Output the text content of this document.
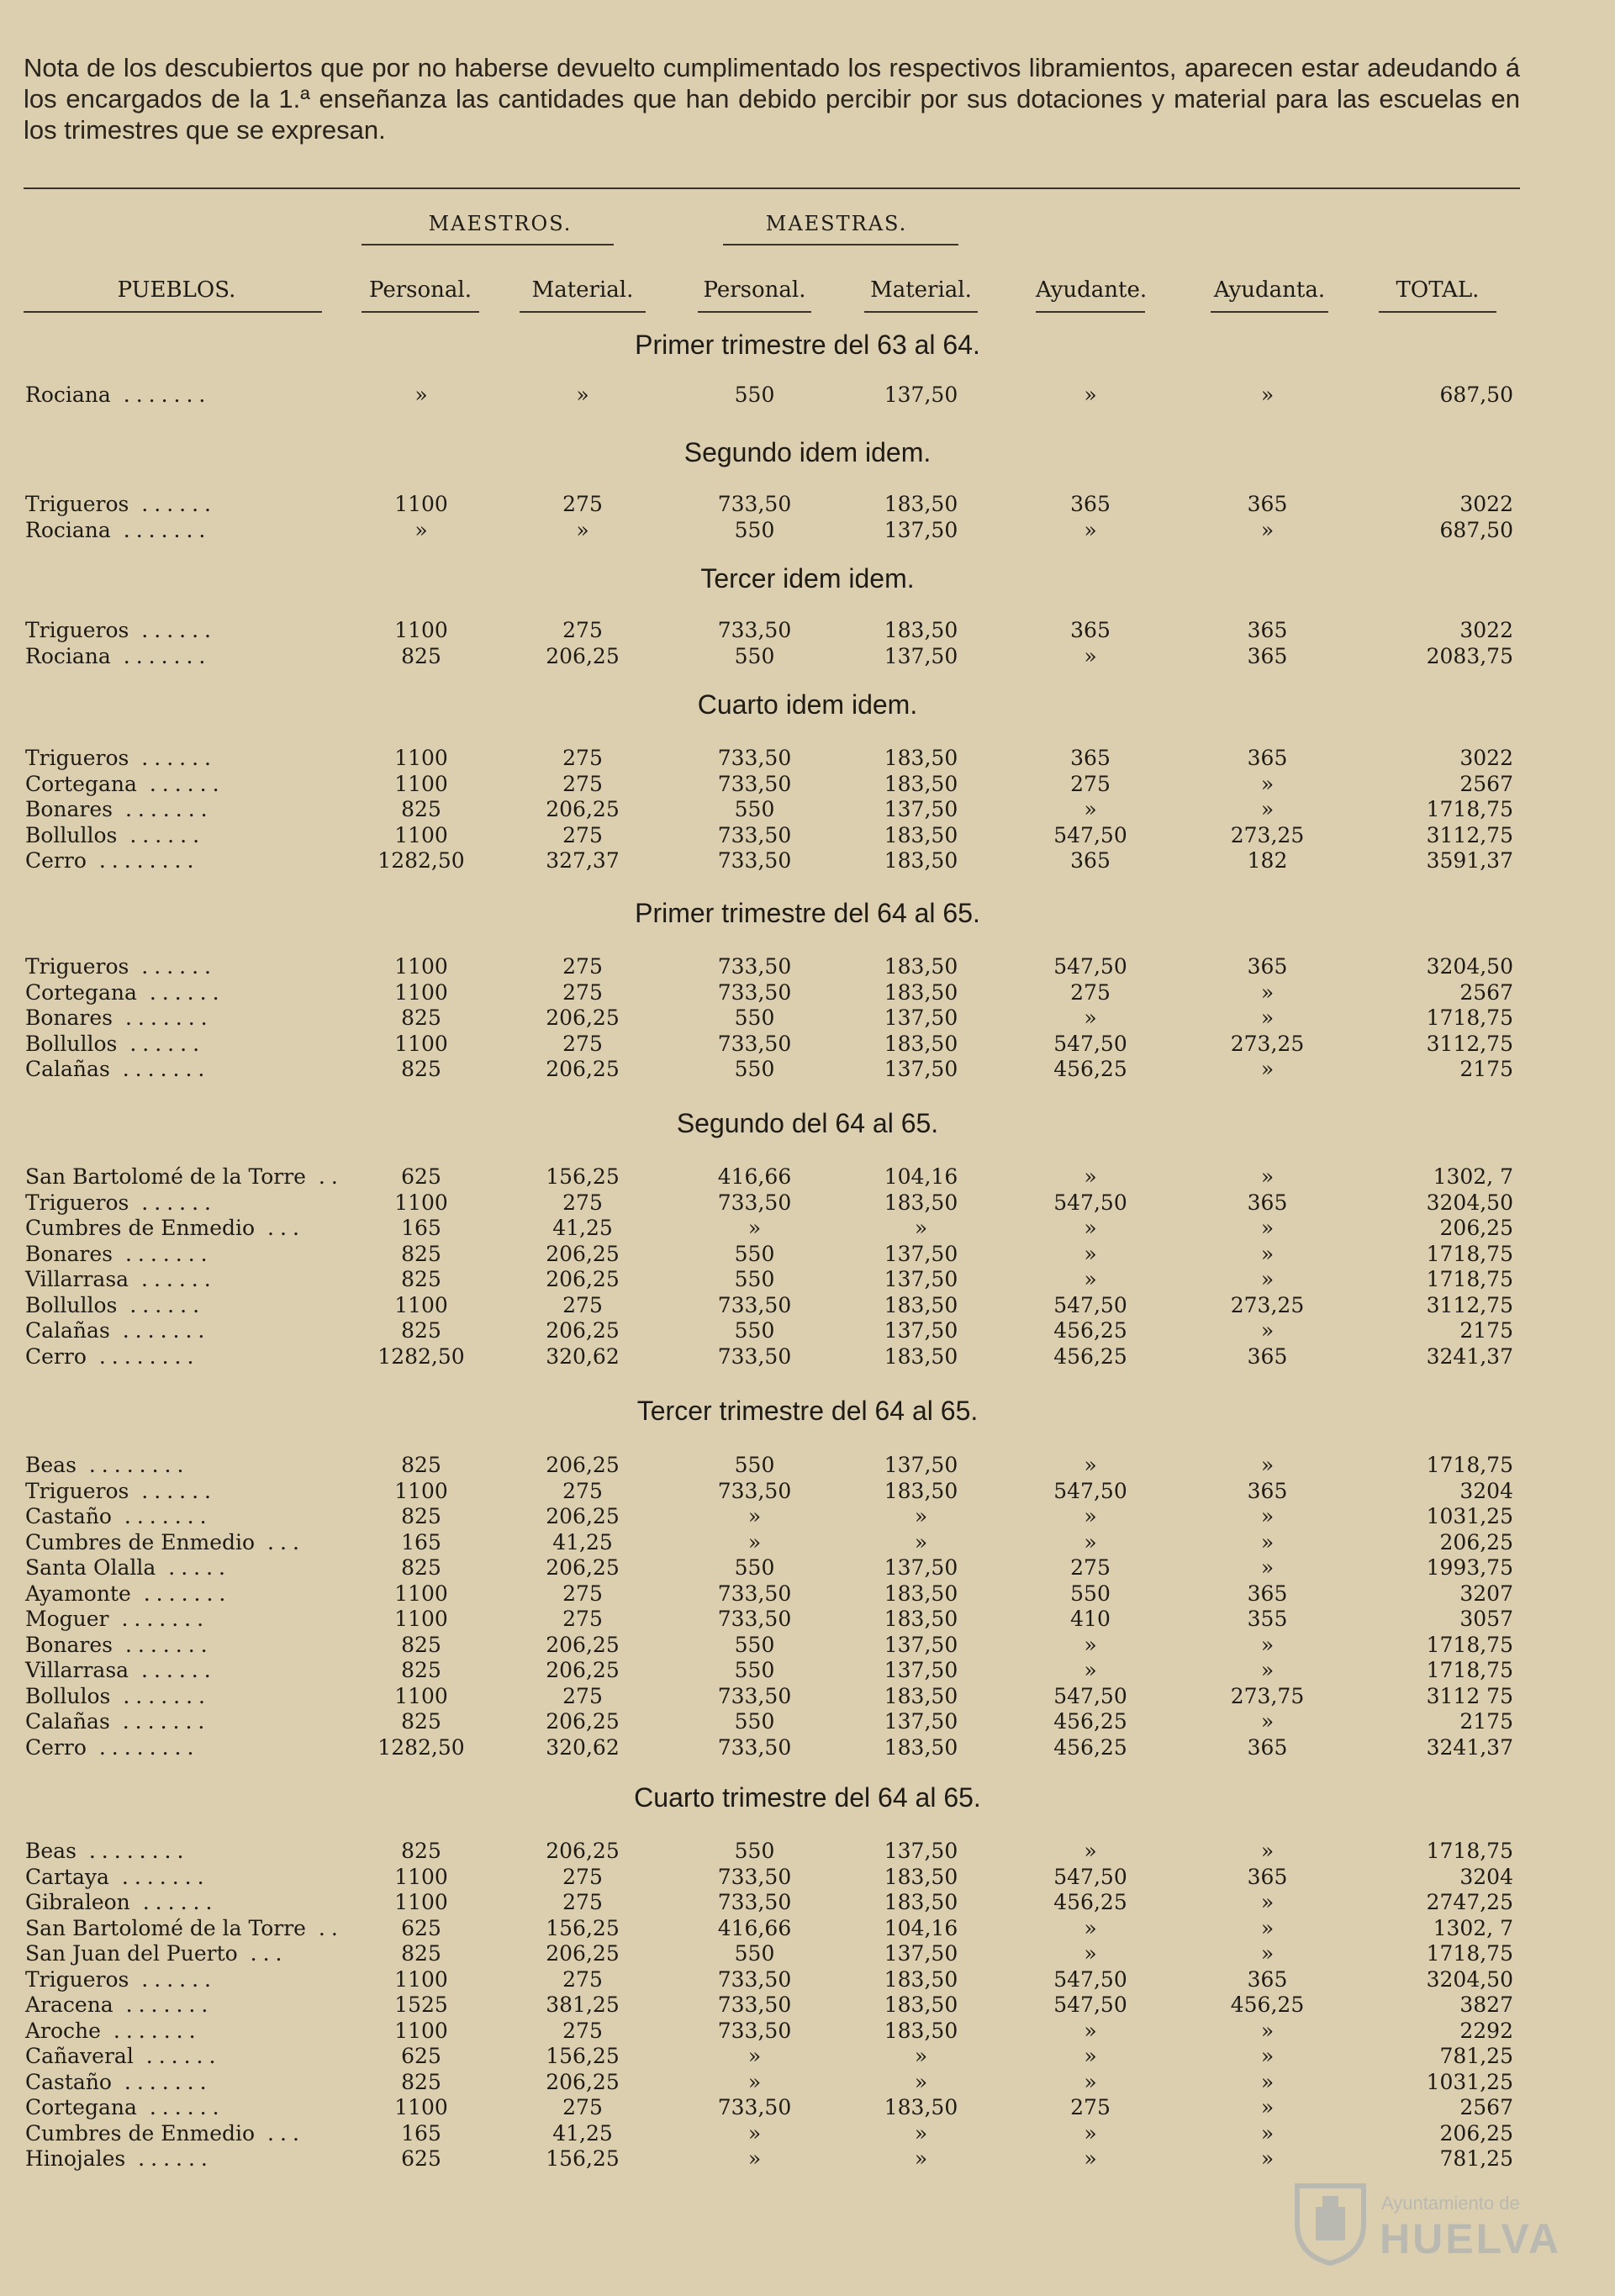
Nota de los descubiertos que por no haberse devuelto cumplimentado los respectivos libramientos, aparecen estar adeudando á los encargados de la 1.ª enseñanza las cantidades que han debido percibir por sus dotaciones y material para las escuelas en los trimestres que se expresan.
MAESTROS.	MAESTRAS.
PUEBLOS.	Personal.	Material.	Personal.	Material.	Ayudante.	Ayudanta.	TOTAL.
Primer trimestre del 63 al 64.
Rociana .......	»	»	550	137,50	»	»	687,50
Segundo idem idem.
Trigueros ......	1100	275	733,50	183,50	365	365	3022
Rociana .......	»	»	550	137,50	»	»	687,50
Tercer idem idem.
Trigueros ......	1100	275	733,50	183,50	365	365	3022
Rociana .......	825	206,25	550	137,50	»	365	2083,75
Cuarto idem idem.
Trigueros ......	1100	275	733,50	183,50	365	365	3022
Cortegana ......	1100	275	733,50	183,50	275	»	2567
Bonares .......	825	206,25	550	137,50	»	»	1718,75
Bollullos ......	1100	275	733,50	183,50	547,50	273,25	3112,75
Cerro ........	1282,50	327,37	733,50	183,50	365	182	3591,37
Primer trimestre del 64 al 65.
Trigueros ......	1100	275	733,50	183,50	547,50	365	3204,50
Cortegana ......	1100	275	733,50	183,50	275	»	2567
Bonares .......	825	206,25	550	137,50	»	»	1718,75
Bollullos ......	1100	275	733,50	183,50	547,50	273,25	3112,75
Calañas .......	825	206,25	550	137,50	456,25	»	2175
Segundo del 64 al 65.
San Bartolomé de la Torre ..	625	156,25	416,66	104,16	»	»	1302, 7
Trigueros ......	1100	275	733,50	183,50	547,50	365	3204,50
Cumbres de Enmedio ...	165	41,25	»	»	»	»	206,25
Bonares .......	825	206,25	550	137,50	»	»	1718,75
Villarrasa ......	825	206,25	550	137,50	»	»	1718,75
Bollullos ......	1100	275	733,50	183,50	547,50	273,25	3112,75
Calañas .......	825	206,25	550	137,50	456,25	»	2175
Cerro ........	1282,50	320,62	733,50	183,50	456,25	365	3241,37
Tercer trimestre del 64 al 65.
Beas ........	825	206,25	550	137,50	»	»	1718,75
Trigueros ......	1100	275	733,50	183,50	547,50	365	3204
Castaño .......	825	206,25	»	»	»	»	1031,25
Cumbres de Enmedio ...	165	41,25	»	»	»	»	206,25
Santa Olalla .....	825	206,25	550	137,50	275	»	1993,75
Ayamonte .......	1100	275	733,50	183,50	550	365	3207
Moguer .......	1100	275	733,50	183,50	410	355	3057
Bonares .......	825	206,25	550	137,50	»	»	1718,75
Villarrasa ......	825	206,25	550	137,50	»	»	1718,75
Bollulos .......	1100	275	733,50	183,50	547,50	273,75	3112 75
Calañas .......	825	206,25	550	137,50	456,25	»	2175
Cerro ........	1282,50	320,62	733,50	183,50	456,25	365	3241,37
Cuarto trimestre del 64 al 65.
Beas ........	825	206,25	550	137,50	»	»	1718,75
Cartaya .......	1100	275	733,50	183,50	547,50	365	3204
Gibraleon ......	1100	275	733,50	183,50	456,25	»	2747,25
San Bartolomé de la Torre ..	625	156,25	416,66	104,16	»	»	1302, 7
San Juan del Puerto ...	825	206,25	550	137,50	»	»	1718,75
Trigueros ......	1100	275	733,50	183,50	547,50	365	3204,50
Aracena .......	1525	381,25	733,50	183,50	547,50	456,25	3827
Aroche .......	1100	275	733,50	183,50	»	»	2292
Cañaveral ......	625	156,25	»	»	»	»	781,25
Castaño .......	825	206,25	»	»	»	»	1031,25
Cortegana ......	1100	275	733,50	183,50	275	»	2567
Cumbres de Enmedio ...	165	41,25	»	»	»	»	206,25
Hinojales ......	625	156,25	»	»	»	»	781,25
Ayuntamiento de
HUELVA
